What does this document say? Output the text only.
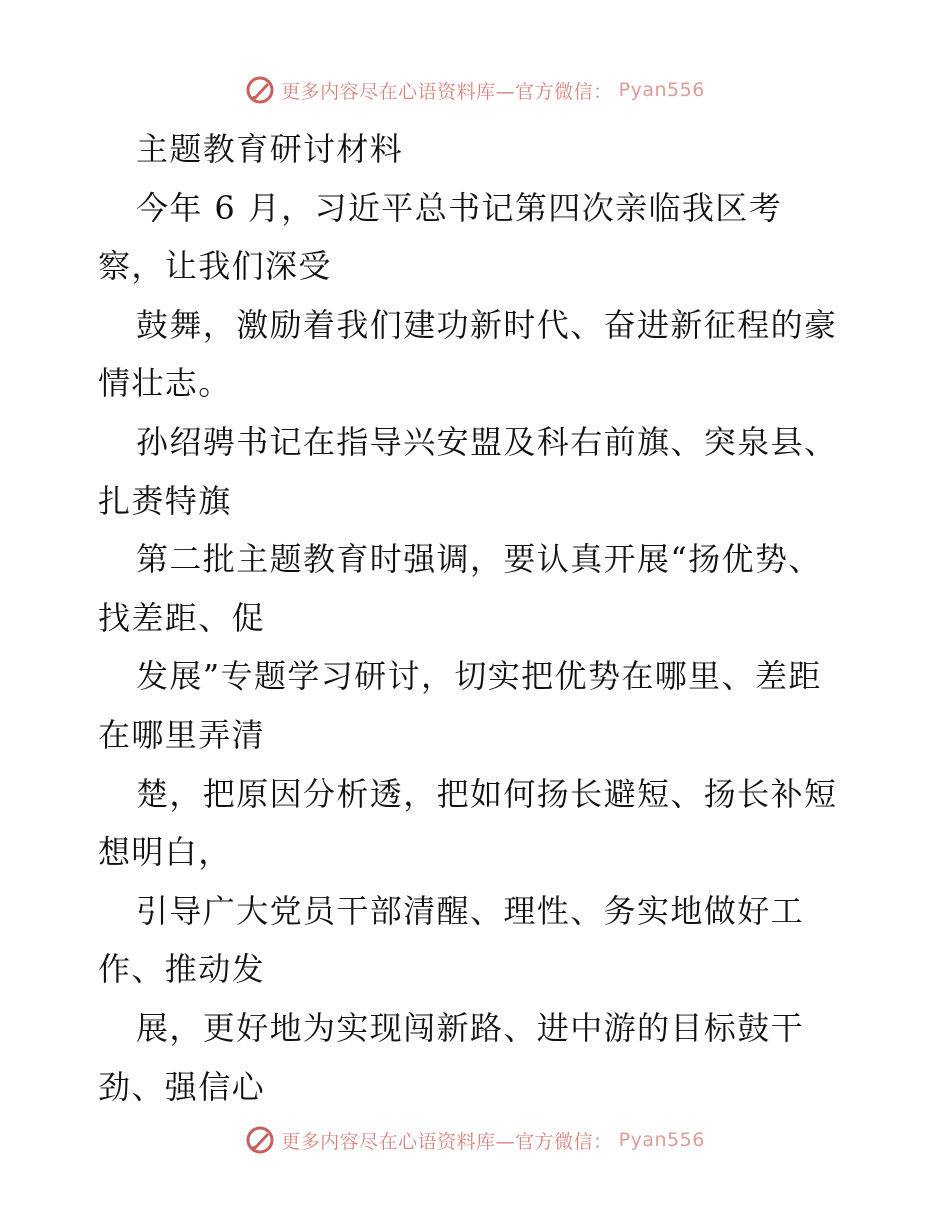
更多内容尽在心语资料库—官方微信： Pyan556
主题教育研讨材料
今年 6 月，习近平总书记第四次亲临我区考
察，让我们深受
鼓舞，激励着我们建功新时代、奋进新征程的豪
情壮志。
孙绍骋书记在指导兴安盟及科右前旗、突泉县、
扎赉特旗
第二批主题教育时强调，要认真开展“扬优势、
找差距、促
发展”专题学习研讨，切实把优势在哪里、差距
在哪里弄清
楚，把原因分析透，把如何扬长避短、扬长补短
想明白，
引导广大党员干部清醒、理性、务实地做好工
作、推动发
展，更好地为实现闯新路、进中游的目标鼓干
劲、强信心
更多内容尽在心语资料库—官方微信： Pyan556
